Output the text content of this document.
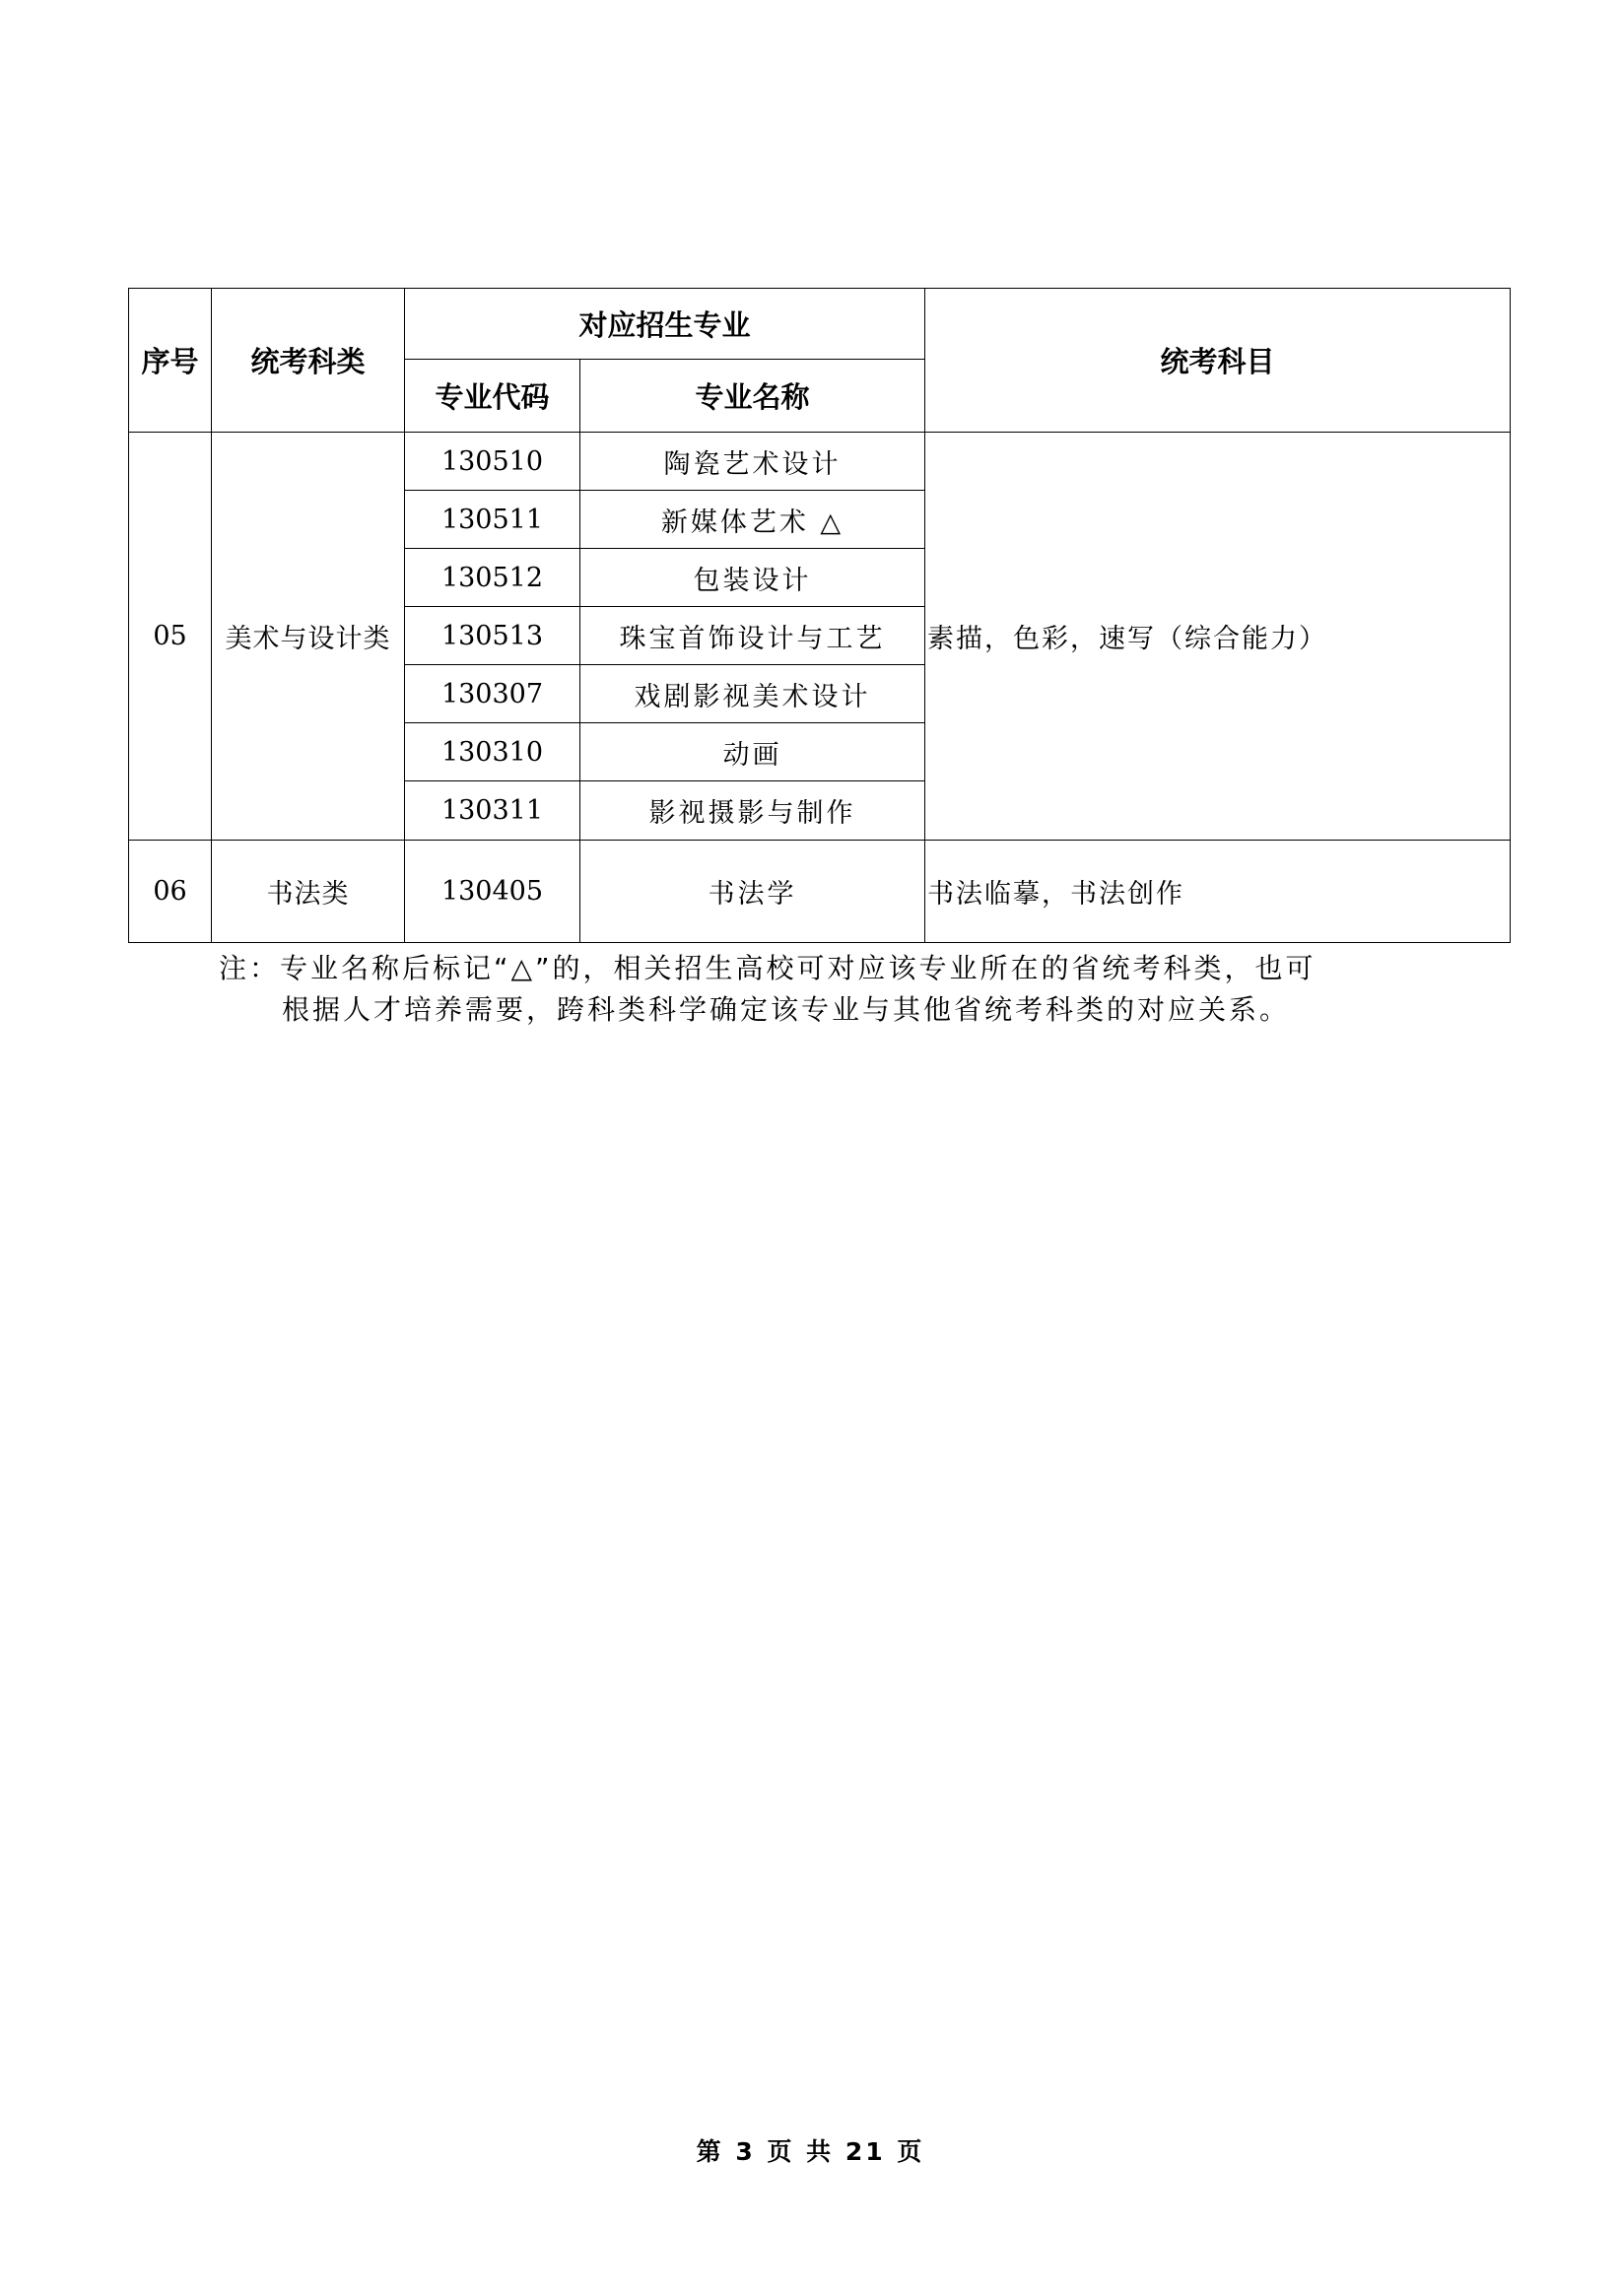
序号	统考科类	对应招生专业		统考科目
		专业代码	专业名称	
05	美术与设计类	130510	陶瓷艺术设计	素描，色彩，速写（综合能力）
		130511	新媒体艺术 △	
		130512	包装设计	
		130513	珠宝首饰设计与工艺	
		130307	戏剧影视美术设计	
		130310	动画	
		130311	影视摄影与制作	
06	书法类	130405	书法学	书法临摹，书法创作
注：专业名称后标记“△”的，相关招生高校可对应该专业所在的省统考科类，也可
根据人才培养需要，跨科类科学确定该专业与其他省统考科类的对应关系。
第 3 页 共 21 页
